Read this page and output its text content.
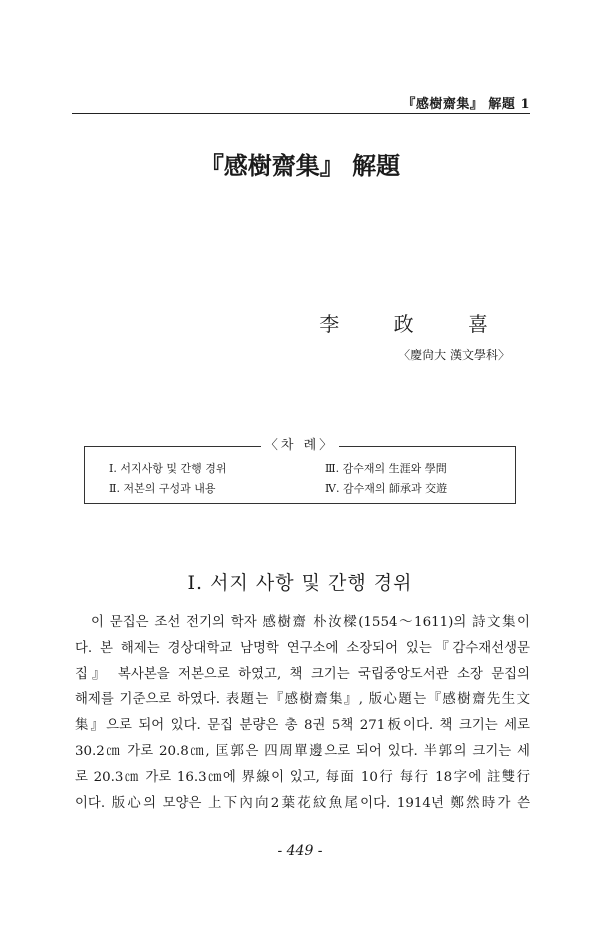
『感樹齋集』 解題 1
『感樹齋集』 解題
李 政 喜
〈慶尙大 漢文學科〉
〈차 례〉
Ⅰ. 서지사항 및 간행 경위
Ⅱ. 저본의 구성과 내용
Ⅲ. 감수재의 生涯와 學問
Ⅳ. 감수재의 師承과 交遊
Ⅰ. 서지 사항 및 간행 경위
이 문집은 조선 전기의 학자 感樹齋 朴汝樑(1554～1611)의 詩文集이
다. 본 해제는 경상대학교 남명학 연구소에 소장되어 있는『감수재선생문
집』 복사본을 저본으로 하였고, 책 크기는 국립중앙도서관 소장 문집의
해제를 기준으로 하였다. 表題는『感樹齋集』, 版心題는『感樹齋先生文
集』으로 되어 있다. 문집 분량은 총 8권 5책 271板이다. 책 크기는 세로
30.2㎝ 가로 20.8㎝, 匡郭은 四周單邊으로 되어 있다. 半郭의 크기는 세
로 20.3㎝ 가로 16.3㎝에 界線이 있고, 每面 10行 每行 18字에 註雙行
이다. 版心의 모양은 上下內向2葉花紋魚尾이다. 1914년 鄭然時가 쓴
- 449 -
